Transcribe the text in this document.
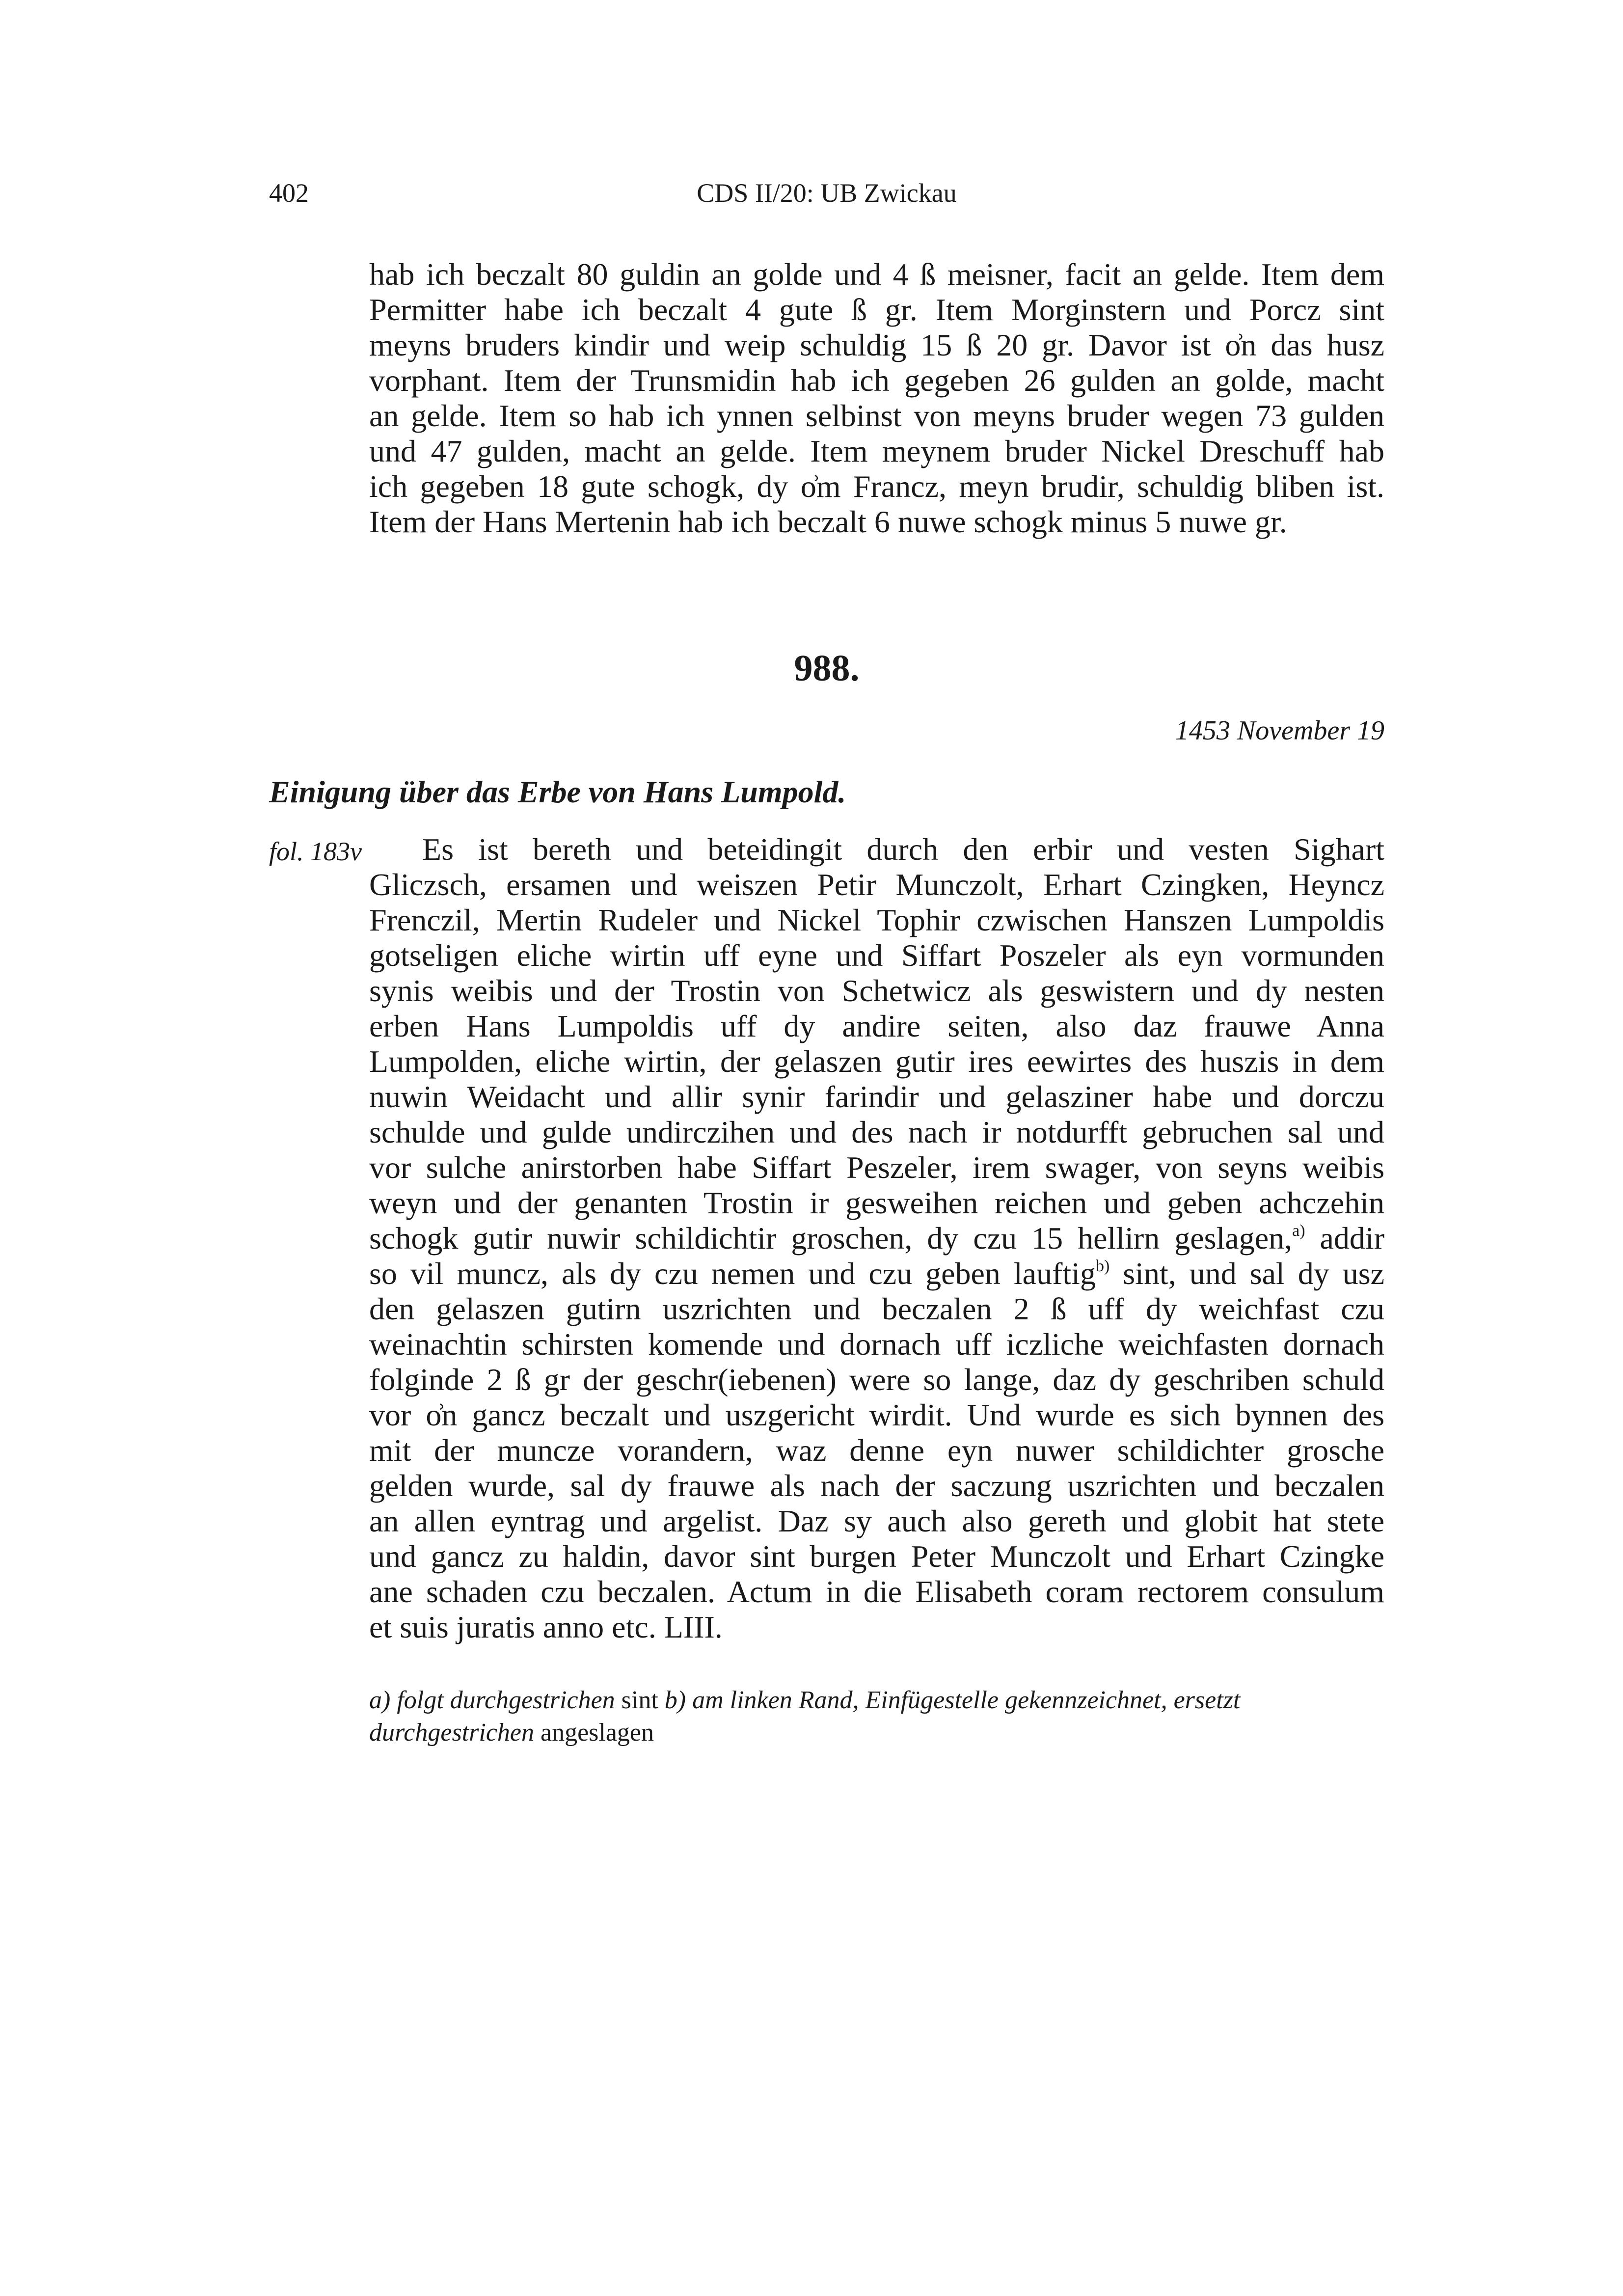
402	CDS II/20: UB Zwickau
hab ich beczalt 80 guldin an golde und 4 ß meisner, facit an gelde. Item dem
Permitter habe ich beczalt 4 gute ß gr. Item Morginstern und Porcz sint
meyns bruders kindir und weip schuldig 15 ß 20 gr. Davor ist o͗n das husz
vorphant. Item der Trunsmidin hab ich gegeben 26 gulden an golde, macht
an gelde. Item so hab ich ynnen selbinst von meyns bruder wegen 73 gulden
und 47 gulden, macht an gelde. Item meynem bruder Nickel Dreschuff hab
ich gegeben 18 gute schogk, dy o͗m Francz, meyn brudir, schuldig bliben ist.
Item der Hans Mertenin hab ich beczalt 6 nuwe schogk minus 5 nuwe gr.
988.
1453 November 19
Einigung über das Erbe von Hans Lumpold.
fol. 183v	Es ist bereth und beteidingit durch den erbir und vesten Sighart
Gliczsch, ersamen und weiszen Petir Munczolt, Erhart Czingken, Heyncz
Frenczil, Mertin Rudeler und Nickel Tophir czwischen Hanszen Lumpoldis
gotseligen eliche wirtin uff eyne und Siffart Poszeler als eyn vormunden
synis weibis und der Trostin von Schetwicz als geswistern und dy nesten
erben Hans Lumpoldis uff dy andire seiten, also daz frauwe Anna
Lumpolden, eliche wirtin, der gelaszen gutir ires eewirtes des huszis in dem
nuwin Weidacht und allir synir farindir und gelasziner habe und dorczu
schulde und gulde undirczihen und des nach ir notdurfft gebruchen sal und
vor sulche anirstorben habe Siffart Peszeler, irem swager, von seyns weibis
weyn und der genanten Trostin ir gesweihen reichen und geben achczehin
schogk gutir nuwir schildichtir groschen, dy czu 15 hellirn geslagen,$^{a)}$ addir
so vil muncz, als dy czu nemen und czu geben lauftig$^{b)}$ sint, und sal dy usz
den gelaszen gutirn uszrichten und beczalen 2 ß uff dy weichfast czu
weinachtin schirsten komende und dornach uff iczliche weichfasten dornach
folginde 2 ß gr der geschr(iebenen) were so lange, daz dy geschriben schuld
vor o͗n gancz beczalt und uszgericht wirdit. Und wurde es sich bynnen des
mit der muncze vorandern, waz denne eyn nuwer schildichter grosche
gelden wurde, sal dy frauwe als nach der saczung uszrichten und beczalen
an allen eyntrag und argelist. Daz sy auch also gereth und globit hat stete
und gancz zu haldin, davor sint burgen Peter Munczolt und Erhart Czingke
ane schaden czu beczalen. Actum in die Elisabeth coram rectorem consulum
et suis juratis anno etc. LIII.
a) folgt durchgestrichen sint b) am linken Rand, Einfügestelle gekennzeichnet, ersetzt
durchgestrichen angeslagen
